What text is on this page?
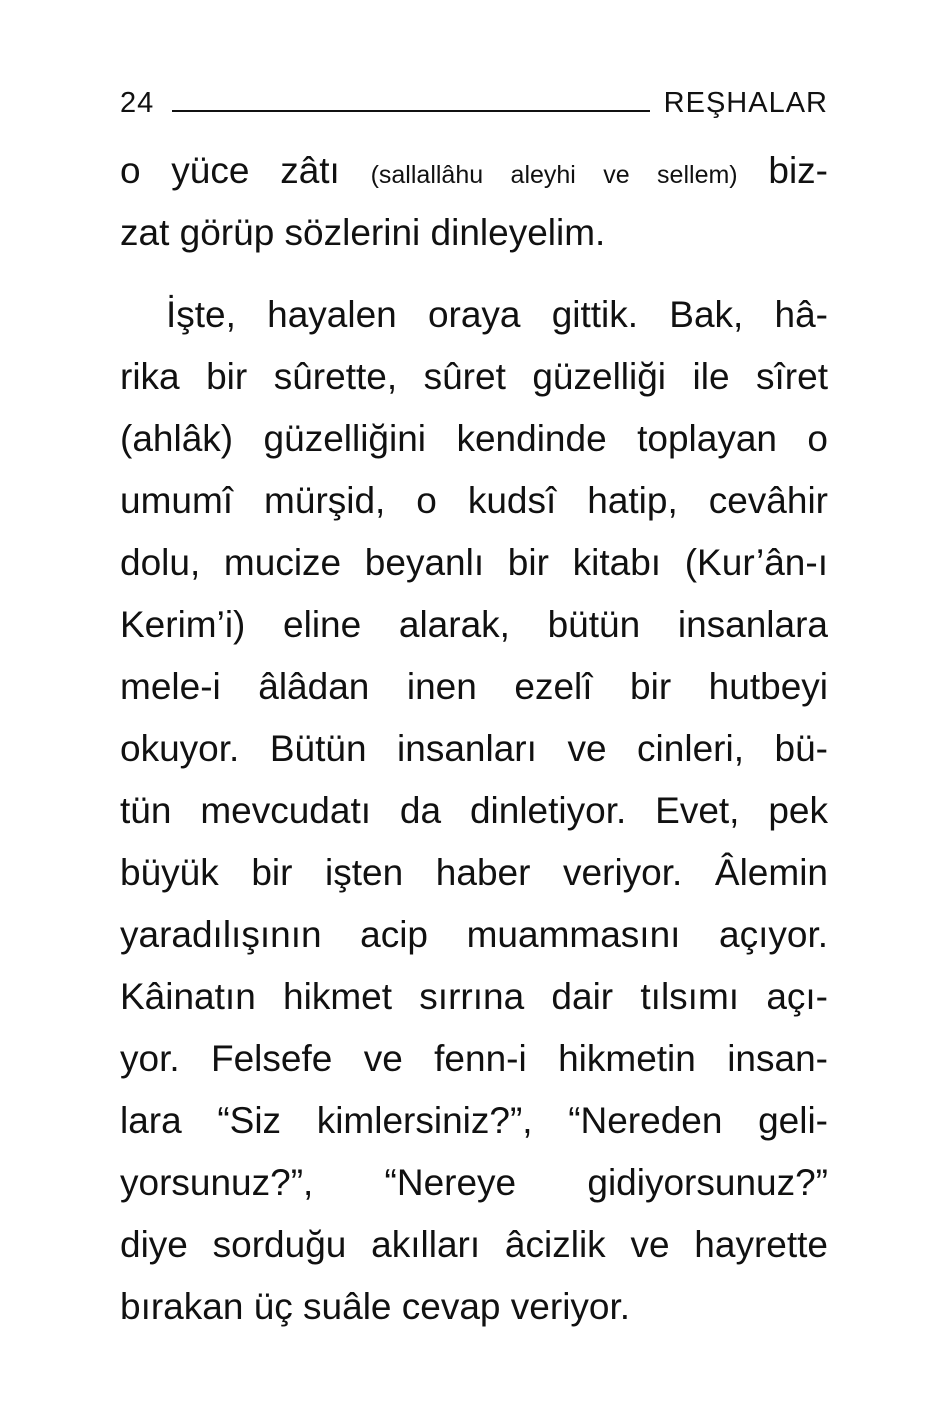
24	REŞHALAR
o yüce zâtı (sallallâhu aleyhi ve sellem) biz-
zat görüp sözlerini dinleyelim.
İşte, hayalen oraya gittik. Bak, hâ-
rika bir sûrette, sûret güzelliği ile sîret
(ahlâk) güzelliğini kendinde toplayan o
umumî mürşid, o kudsî hatip, cevâhir
dolu, mucize beyanlı bir kitabı (Kur’ân-ı
Kerim’i) eline alarak, bütün insanlara
mele-i âlâdan inen ezelî bir hutbeyi
okuyor. Bütün insanları ve cinleri, bü-
tün mevcudatı da dinletiyor. Evet, pek
büyük bir işten haber veriyor. Âlemin
yaradılışının acip muammasını açıyor.
Kâinatın hikmet sırrına dair tılsımı açı-
yor. Felsefe ve fenn-i hikmetin insan-
lara “Siz kimlersiniz?”, “Nereden geli-
yorsunuz?”, “Nereye gidiyorsunuz?”
diye sorduğu akılları âcizlik ve hayrette
bırakan üç suâle cevap veriyor.
